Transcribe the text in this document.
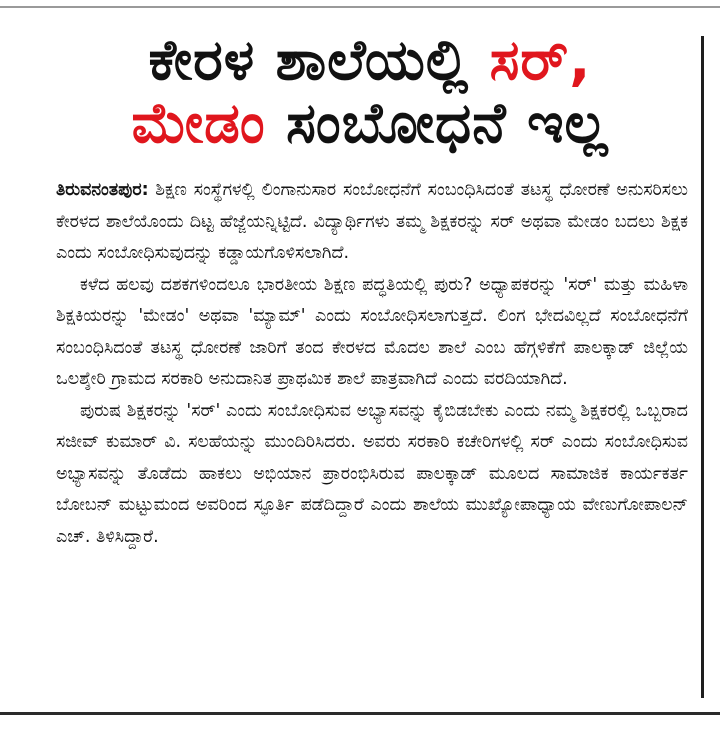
ಕೇರಳ ಶಾಲೆಯಲ್ಲಿ ಸರ್,
ಮೇಡಂ ಸಂಬೋಧನೆ ಇಲ್ಲ

ತಿರುವನಂತಪುರ: ಶಿಕ್ಷಣ ಸಂಸ್ಥೆಗಳಲ್ಲಿ ಲಿಂಗಾನುಸಾರ ಸಂಬೋಧನೆಗೆ ಸಂಬಂಧಿಸಿದಂತೆ ತಟಸ್ಥ ಧೋರಣೆ ಅನುಸರಿಸಲು ಕೇರಳದ ಶಾಲೆಯೊಂದು ದಿಟ್ಟ ಹೆಜ್ಜೆಯನ್ನಿಟ್ಟಿದೆ. ವಿದ್ಯಾರ್ಥಿಗಳು ತಮ್ಮ ಶಿಕ್ಷಕರನ್ನು ಸರ್ ಅಥವಾ ಮೇಡಂ ಬದಲು ಶಿಕ್ಷಕ ಎಂದು ಸಂಬೋಧಿಸುವುದನ್ನು ಕಡ್ಡಾಯಗೊಳಿಸಲಾಗಿದೆ.

ಕಳೆದ ಹಲವು ದಶಕಗಳಿಂದಲೂ ಭಾರತೀಯ ಶಿಕ್ಷಣ ಪದ್ಧತಿಯಲ್ಲಿ ಪುರು? ಅಧ್ಯಾಪಕರನ್ನು 'ಸರ್' ಮತ್ತು ಮಹಿಳಾ ಶಿಕ್ಷಕಿಯರನ್ನು 'ಮೇಡಂ' ಅಥವಾ 'ಮ್ಯಾಮ್' ಎಂದು ಸಂಬೋಧಿಸಲಾಗುತ್ತದೆ. ಲಿಂಗ ಭೇದವಿಲ್ಲದೆ ಸಂಬೋಧನೆಗೆ ಸಂಬಂಧಿಸಿದಂತೆ ತಟಸ್ಥ ಧೋರಣೆ ಜಾರಿಗೆ ತಂದ ಕೇರಳದ ಮೊದಲ ಶಾಲೆ ಎಂಬ ಹೆಗ್ಗಳಿಕೆಗೆ ಪಾಲಕ್ಕಾಡ್ ಜಿಲ್ಲೆಯ ಒಲಶ್ಶೇರಿ ಗ್ರಾಮದ ಸರಕಾರಿ ಅನುದಾನಿತ ಪ್ರಾಥಮಿಕ ಶಾಲೆ ಪಾತ್ರವಾಗಿದೆ ಎಂದು ವರದಿಯಾಗಿದೆ.

ಪುರುಷ ಶಿಕ್ಷಕರನ್ನು 'ಸರ್' ಎಂದು ಸಂಬೋಧಿಸುವ ಅಭ್ಯಾಸವನ್ನು ಕೈಬಿಡಬೇಕು ಎಂದು ನಮ್ಮ ಶಿಕ್ಷಕರಲ್ಲಿ ಒಬ್ಬರಾದ ಸಜೀವ್ ಕುಮಾರ್ ವಿ. ಸಲಹೆಯನ್ನು ಮುಂದಿರಿಸಿದರು. ಅವರು ಸರಕಾರಿ ಕಚೇರಿಗಳಲ್ಲಿ ಸರ್ ಎಂದು ಸಂಬೋಧಿಸುವ ಅಭ್ಯಾಸವನ್ನು ತೊಡೆದು ಹಾಕಲು ಅಭಿಯಾನ ಪ್ರಾರಂಭಿಸಿರುವ ಪಾಲಕ್ಕಾಡ್ ಮೂಲದ ಸಾಮಾಜಿಕ ಕಾರ್ಯಕರ್ತ ಬೋಬನ್ ಮಟ್ಟುಮಂದ ಅವರಿಂದ ಸ್ಫೂರ್ತಿ ಪಡೆದಿದ್ದಾರೆ ಎಂದು ಶಾಲೆಯ ಮುಖ್ಯೋಪಾಧ್ಯಾಯ ವೇಣುಗೋಪಾಲನ್ ಎಚ್. ತಿಳಿಸಿದ್ದಾರೆ.
